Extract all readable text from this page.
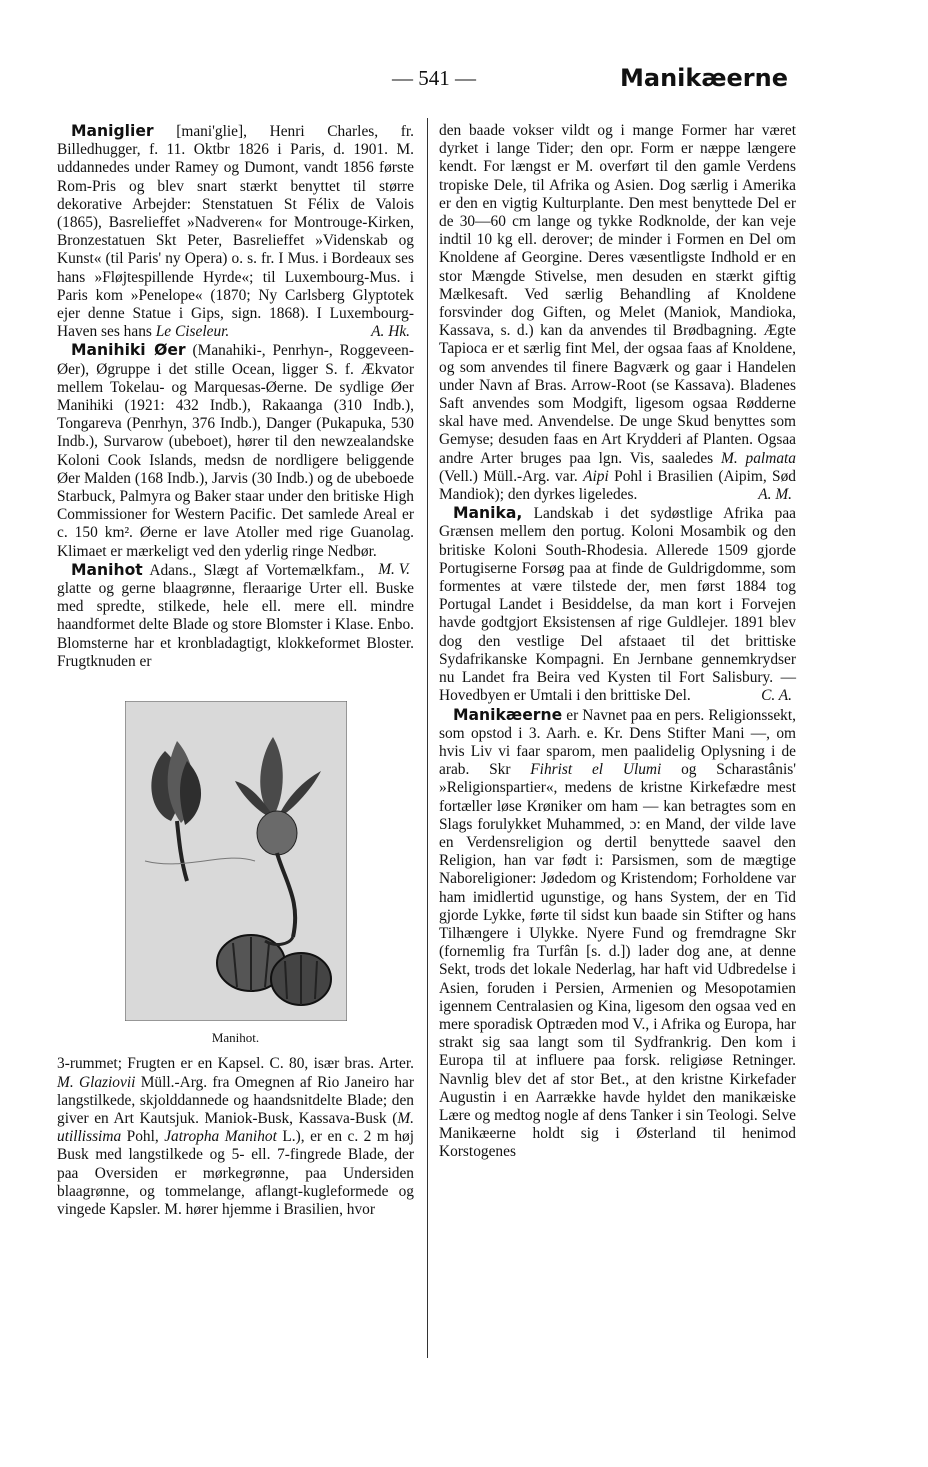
— 541 —	Manikæerne

Maniglier [mani'glie], Henri Charles, fr. Billedhugger, f. 11. Oktbr 1826 i Paris, d. 1901. M. uddannedes under Ramey og Dumont, vandt 1856 første Rom-Pris og blev snart stærkt benyttet til større dekorative Arbejder: Stenstatuen St Félix de Valois (1865), Basrelieffet »Nadveren« for Montrouge-Kirken, Bronzestatuen Skt Peter, Basrelieffet »Videnskab og Kunst« (til Paris' ny Opera) o. s. fr. I Mus. i Bordeaux ses hans »Fløjtespillende Hyrde«; til Luxembourg-Mus. i Paris kom »Penelope« (1870; Ny Carlsberg Glyptotek ejer denne Statue i Gips, sign. 1868). I Luxembourg-Haven ses hans Le Ciseleur.	A. Hk.

Manihiki Øer (Manahiki-, Penrhyn-, Roggeveen-Øer), Øgruppe i det stille Ocean, ligger S. f. Ækvator mellem Tokelau- og Marquesas-Øerne. De sydlige Øer Manihiki (1921: 432 Indb.), Rakaanga (310 Indb.), Tongareva (Penrhyn, 376 Indb.), Danger (Pukapuka, 530 Indb.), Survarow (ubeboet), hører til den newzealandske Koloni Cook Islands, medsn de nordligere beliggende Øer Malden (168 Indb.), Jarvis (30 Indb.) og de ubeboede Starbuck, Palmyra og Baker staar under den britiske High Commissioner for Western Pacific. Det samlede Areal er c. 150 km². Øerne er lave Atoller med rige Guanolag. Klimaet er mærkeligt ved den yderlig ringe Nedbør.
M. V.

Manihot Adans., Slægt af Vortemælkfam., glatte og gerne blaagrønne, fleraarige Urter ell. Buske med spredte, stilkede, hele ell. mere ell. mindre haandformet delte Blade og store Blomster i Klase. Enbo. Blomsterne har et kronbladagtigt, klokkeformet Bloster. Frugtknuden er

Manihot.

3-rummet; Frugten er en Kapsel. C. 80, især bras. Arter. M. Glaziovii Müll.-Arg. fra Omegnen af Rio Janeiro har langstilkede, skjolddannede og haandsnitdelte Blade; den giver en Art Kautsjuk. Maniok-Busk, Kassava-Busk (M. utillissima Pohl, Jatropha Manihot L.), er en c. 2 m høj Busk med langstilkede og 5- ell. 7-fingrede Blade, der paa Oversiden er mørkegrønne, paa Undersiden blaagrønne, og tommelange, aflangt-kugleformede og vingede Kapsler. M. hører hjemme i Brasilien, hvor

den baade vokser vildt og i mange Former har været dyrket i lange Tider; den opr. Form er næppe længere kendt. For længst er M. overført til den gamle Verdens tropiske Dele, til Afrika og Asien. Dog særlig i Amerika er den en vigtig Kulturplante. Den mest benyttede Del er de 30—60 cm lange og tykke Rodknolde, der kan veje indtil 10 kg ell. derover; de minder i Formen en Del om Knoldene af Georgine. Deres væsentligste Indhold er en stor Mængde Stivelse, men desuden en stærkt giftig Mælkesaft. Ved særlig Behandling af Knoldene forsvinder dog Giften, og Melet (Maniok, Mandioka, Kassava, s. d.) kan da anvendes til Brødbagning. Ægte Tapioca er et særlig fint Mel, der ogsaa faas af Knoldene, og som anvendes til finere Bagværk og gaar i Handelen under Navn af Bras. Arrow-Root (se Kassava). Bladenes Saft anvendes som Modgift, ligesom ogsaa Rødderne skal have med. Anvendelse. De unge Skud benyttes som Gemyse; desuden faas en Art Krydderi af Planten. Ogsaa andre Arter bruges paa lgn. Vis, saaledes M. palmata (Vell.) Müll.-Arg. var. Aipi Pohl i Brasilien (Aipim, Sød Mandiok); den dyrkes ligeledes.	A. M.

Manika, Landskab i det sydøstlige Afrika paa Grænsen mellem den portug. Koloni Mosambik og den britiske Koloni South-Rhodesia. Allerede 1509 gjorde Portugiserne Forsøg paa at finde de Guldrigdomme, som formentes at være tilstede der, men først 1884 tog Portugal Landet i Besiddelse, da man kort i Forvejen havde godtgjort Eksistensen af rige Guldlejer. 1891 blev dog den vestlige Del afstaaet til det brittiske Sydafrikanske Kompagni. En Jernbane gennemkrydser nu Landet fra Beira ved Kysten til Fort Salisbury. — Hovedbyen er Umtali i den brittiske Del.	C. A.

Manikæerne er Navnet paa en pers. Religionssekt, som opstod i 3. Aarh. e. Kr. Dens Stifter Mani —, om hvis Liv vi faar sparom, men paalidelig Oplysning i de arab. Skr Fihrist el Ulumi og Scharastânis' »Religionspartier«, medens de kristne Kirkefædre mest fortæller løse Krøniker om ham — kan betragtes som en Slags forulykket Muhammed, ɔ: en Mand, der vilde lave en Verdensreligion og dertil benyttede saavel den Religion, han var født i: Parsismen, som de mægtige Naboreligioner: Jødedom og Kristendom; Forholdene var ham imidlertid ugunstige, og hans System, der en Tid gjorde Lykke, førte til sidst kun baade sin Stifter og hans Tilhængere i Ulykke. Nyere Fund og fremdragne Skr (fornemlig fra Turfân [s. d.]) lader dog ane, at denne Sekt, trods det lokale Nederlag, har haft vid Udbredelse i Asien, foruden i Persien, Armenien og Mesopotamien igennem Centralasien og Kina, ligesom den ogsaa ved en mere sporadisk Optræden mod V., i Afrika og Europa, har strakt sig saa langt som til Sydfrankrig. Den kom i Europa til at influere paa forsk. religiøse Retninger. Navnlig blev det af stor Bet., at den kristne Kirkefader Augustin i en Aarrække havde hyldet den manikæiske Lære og medtog nogle af dens Tanker i sin Teologi. Selve Manikæerne holdt sig i Østerland til henimod Korstogenes
